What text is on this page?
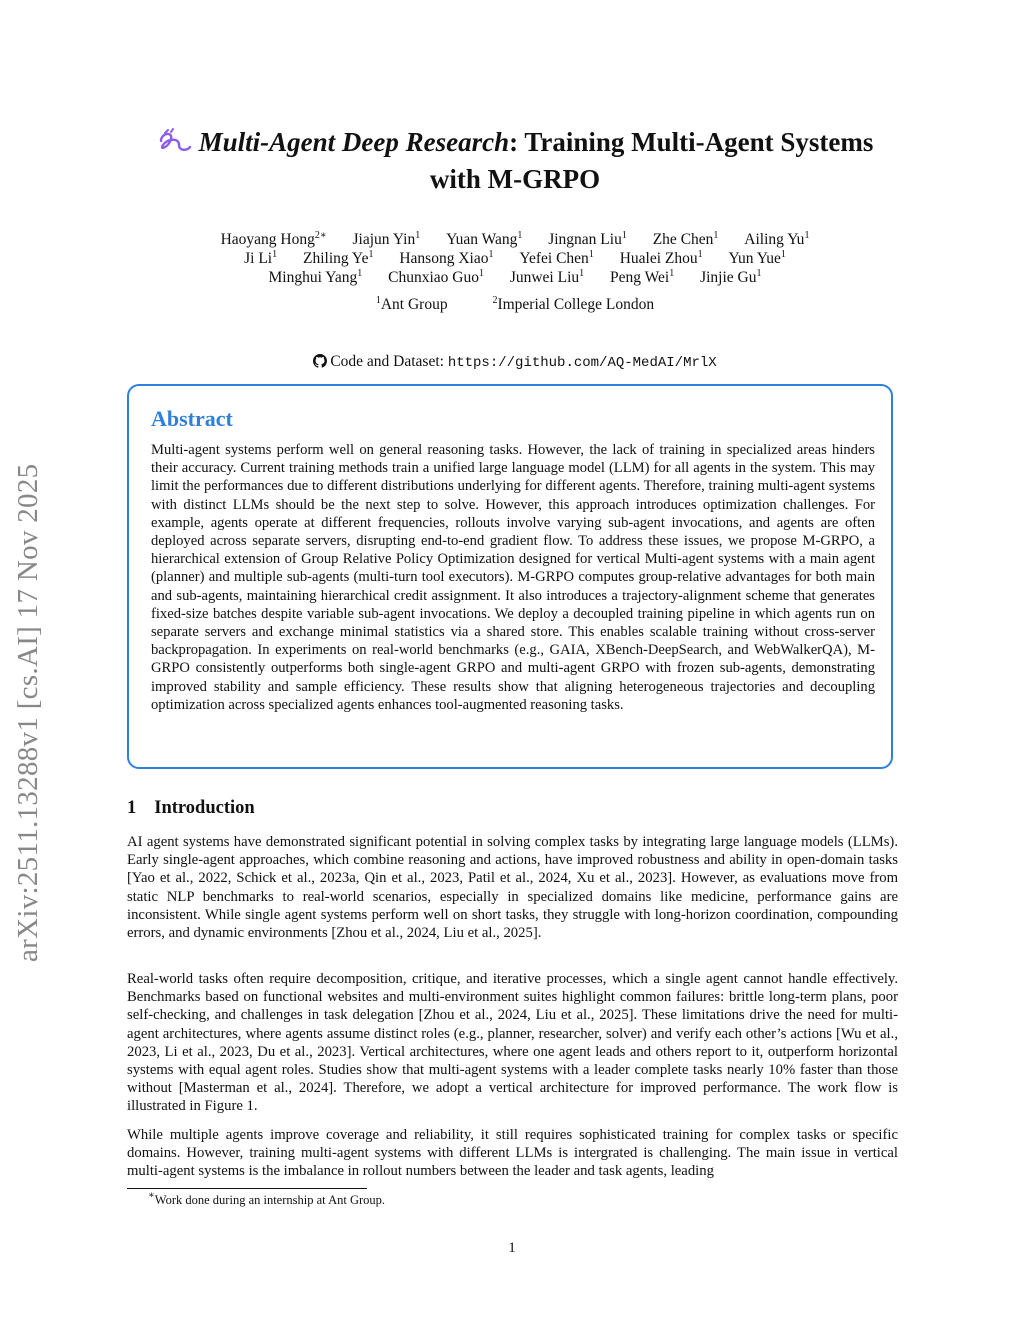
arXiv:2511.13288v1 [cs.AI] 17 Nov 2025
Multi-Agent Deep Research: Training Multi-Agent Systems
with M-GRPO
Haoyang Hong$^{2∗}$ Jiajun Yin$^1$ Yuan Wang$^1$ Jingnan Liu$^1$ Zhe Chen$^1$ Ailing Yu$^1$
Ji Li$^1$ Zhiling Ye$^1$ Hansong Xiao$^1$ Yefei Chen$^1$ Hualei Zhou$^1$ Yun Yue$^1$
Minghui Yang$^1$ Chunxiao Guo$^1$ Junwei Liu$^1$ Peng Wei$^1$ Jinjie Gu$^1$
$^1$Ant Group	$^2$Imperial College London
Code and Dataset: https://github.com/AQ-MedAI/MrlX
Abstract
Multi-agent systems perform well on general reasoning tasks. However, the lack of training in specialized areas hinders their accuracy. Current training methods train a unified large language model (LLM) for all agents in the system. This may limit the performances due to different distributions underlying for different agents. Therefore, training multi-agent systems with distinct LLMs should be the next step to solve. However, this approach introduces optimization challenges. For example, agents operate at different frequencies, rollouts involve varying sub-agent invocations, and agents are often deployed across separate servers, disrupting end-to-end gradient flow. To address these issues, we propose M-GRPO, a hierarchical extension of Group Relative Policy Optimization designed for vertical Multi-agent systems with a main agent (planner) and multiple sub-agents (multi-turn tool executors). M-GRPO computes group-relative advantages for both main and sub-agents, maintaining hierarchical credit assignment. It also introduces a trajectory-alignment scheme that generates fixed-size batches despite variable sub-agent invocations. We deploy a decoupled training pipeline in which agents run on separate servers and exchange minimal statistics via a shared store. This enables scalable training without cross-server backpropagation. In experiments on real-world benchmarks (e.g., GAIA, XBench-DeepSearch, and WebWalkerQA), M-GRPO consistently outperforms both single-agent GRPO and multi-agent GRPO with frozen sub-agents, demonstrating improved stability and sample efficiency. These results show that aligning heterogeneous trajectories and decoupling optimization across specialized agents enhances tool-augmented reasoning tasks.
1 Introduction
AI agent systems have demonstrated significant potential in solving complex tasks by integrating large language models (LLMs). Early single-agent approaches, which combine reasoning and actions, have improved robustness and ability in open-domain tasks [Yao et al., 2022, Schick et al., 2023a, Qin et al., 2023, Patil et al., 2024, Xu et al., 2023]. However, as evaluations move from static NLP benchmarks to real-world scenarios, especially in specialized domains like medicine, performance gains are inconsistent. While single agent systems perform well on short tasks, they struggle with long-horizon coordination, compounding errors, and dynamic environments [Zhou et al., 2024, Liu et al., 2025].
Real-world tasks often require decomposition, critique, and iterative processes, which a single agent cannot handle effectively. Benchmarks based on functional websites and multi-environment suites highlight common failures: brittle long-term plans, poor self-checking, and challenges in task delegation [Zhou et al., 2024, Liu et al., 2025]. These limitations drive the need for multi-agent architectures, where agents assume distinct roles (e.g., planner, researcher, solver) and verify each other’s actions [Wu et al., 2023, Li et al., 2023, Du et al., 2023]. Vertical architectures, where one agent leads and others report to it, outperform horizontal systems with equal agent roles. Studies show that multi-agent systems with a leader complete tasks nearly 10% faster than those without [Masterman et al., 2024]. Therefore, we adopt a vertical architecture for improved performance. The work flow is illustrated in Figure 1.
While multiple agents improve coverage and reliability, it still requires sophisticated training for complex tasks or specific domains. However, training multi-agent systems with different LLMs is intergrated is challenging. The main issue in vertical multi-agent systems is the imbalance in rollout numbers between the leader and task agents, leading
∗Work done during an internship at Ant Group.
1
